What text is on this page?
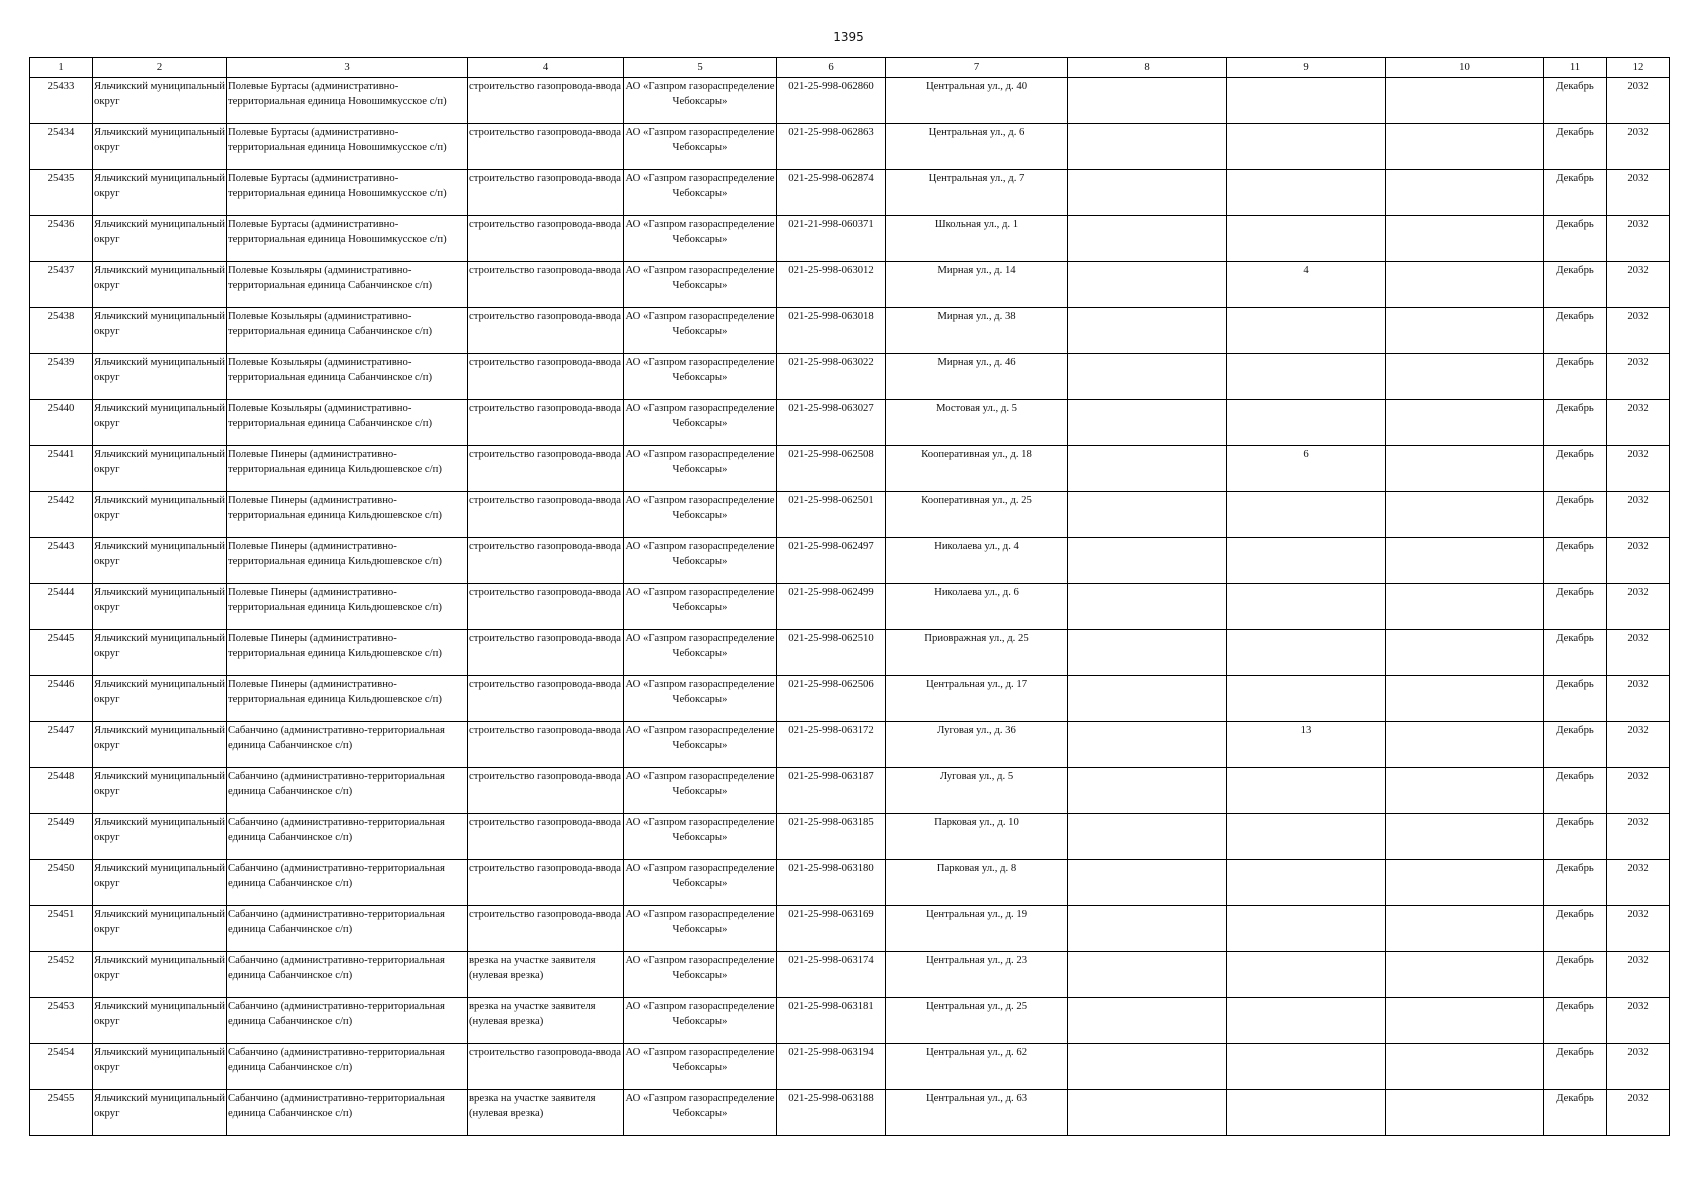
1395
1	2	3	4	5	6	7	8	9	10	11	12

25433	Яльчикский муниципальный округ	Полевые Буртасы (административно-территориальная единица Новошимкусское с/п)	строительство газопровода-ввода	АО «Газпром газораспределение Чебоксары»	021-25-998-062860	Центральная ул., д. 40				Декабрь	2032

25434	Яльчикский муниципальный округ	Полевые Буртасы (административно-территориальная единица Новошимкусское с/п)	строительство газопровода-ввода	АО «Газпром газораспределение Чебоксары»	021-25-998-062863	Центральная ул., д. 6				Декабрь	2032

25435	Яльчикский муниципальный округ	Полевые Буртасы (административно-территориальная единица Новошимкусское с/п)	строительство газопровода-ввода	АО «Газпром газораспределение Чебоксары»	021-25-998-062874	Центральная ул., д. 7				Декабрь	2032

25436	Яльчикский муниципальный округ	Полевые Буртасы (административно-территориальная единица Новошимкусское с/п)	строительство газопровода-ввода	АО «Газпром газораспределение Чебоксары»	021-21-998-060371	Школьная ул., д. 1				Декабрь	2032

25437	Яльчикский муниципальный округ	Полевые Козыльяры (административно-территориальная единица Сабанчинское с/п)	строительство газопровода-ввода	АО «Газпром газораспределение Чебоксары»	021-25-998-063012	Мирная ул., д. 14		4		Декабрь	2032

25438	Яльчикский муниципальный округ	Полевые Козыльяры (административно-территориальная единица Сабанчинское с/п)	строительство газопровода-ввода	АО «Газпром газораспределение Чебоксары»	021-25-998-063018	Мирная ул., д. 38				Декабрь	2032

25439	Яльчикский муниципальный округ	Полевые Козыльяры (административно-территориальная единица Сабанчинское с/п)	строительство газопровода-ввода	АО «Газпром газораспределение Чебоксары»	021-25-998-063022	Мирная ул., д. 46				Декабрь	2032

25440	Яльчикский муниципальный округ	Полевые Козыльяры (административно-территориальная единица Сабанчинское с/п)	строительство газопровода-ввода	АО «Газпром газораспределение Чебоксары»	021-25-998-063027	Мостовая ул., д. 5				Декабрь	2032

25441	Яльчикский муниципальный округ	Полевые Пинеры (административно-территориальная единица Кильдюшевское с/п)	строительство газопровода-ввода	АО «Газпром газораспределение Чебоксары»	021-25-998-062508	Кооперативная ул., д. 18		6		Декабрь	2032

25442	Яльчикский муниципальный округ	Полевые Пинеры (административно-территориальная единица Кильдюшевское с/п)	строительство газопровода-ввода	АО «Газпром газораспределение Чебоксары»	021-25-998-062501	Кооперативная ул., д. 25				Декабрь	2032

25443	Яльчикский муниципальный округ	Полевые Пинеры (административно-территориальная единица Кильдюшевское с/п)	строительство газопровода-ввода	АО «Газпром газораспределение Чебоксары»	021-25-998-062497	Николаева ул., д. 4				Декабрь	2032

25444	Яльчикский муниципальный округ	Полевые Пинеры (административно-территориальная единица Кильдюшевское с/п)	строительство газопровода-ввода	АО «Газпром газораспределение Чебоксары»	021-25-998-062499	Николаева ул., д. 6				Декабрь	2032

25445	Яльчикский муниципальный округ	Полевые Пинеры (административно-территориальная единица Кильдюшевское с/п)	строительство газопровода-ввода	АО «Газпром газораспределение Чебоксары»	021-25-998-062510	Приовражная ул., д. 25				Декабрь	2032

25446	Яльчикский муниципальный округ	Полевые Пинеры (административно-территориальная единица Кильдюшевское с/п)	строительство газопровода-ввода	АО «Газпром газораспределение Чебоксары»	021-25-998-062506	Центральная ул., д. 17				Декабрь	2032

25447	Яльчикский муниципальный округ	Сабанчино (административно-территориальная единица Сабанчинское с/п)	строительство газопровода-ввода	АО «Газпром газораспределение Чебоксары»	021-25-998-063172	Луговая ул., д. 36		13		Декабрь	2032

25448	Яльчикский муниципальный округ	Сабанчино (административно-территориальная единица Сабанчинское с/п)	строительство газопровода-ввода	АО «Газпром газораспределение Чебоксары»	021-25-998-063187	Луговая ул., д. 5				Декабрь	2032

25449	Яльчикский муниципальный округ	Сабанчино (административно-территориальная единица Сабанчинское с/п)	строительство газопровода-ввода	АО «Газпром газораспределение Чебоксары»	021-25-998-063185	Парковая ул., д. 10				Декабрь	2032

25450	Яльчикский муниципальный округ	Сабанчино (административно-территориальная единица Сабанчинское с/п)	строительство газопровода-ввода	АО «Газпром газораспределение Чебоксары»	021-25-998-063180	Парковая ул., д. 8				Декабрь	2032

25451	Яльчикский муниципальный округ	Сабанчино (административно-территориальная единица Сабанчинское с/п)	строительство газопровода-ввода	АО «Газпром газораспределение Чебоксары»	021-25-998-063169	Центральная ул., д. 19				Декабрь	2032

25452	Яльчикский муниципальный округ	Сабанчино (административно-территориальная единица Сабанчинское с/п)	врезка на участке заявителя (нулевая врезка)	АО «Газпром газораспределение Чебоксары»	021-25-998-063174	Центральная ул., д. 23				Декабрь	2032

25453	Яльчикский муниципальный округ	Сабанчино (административно-территориальная единица Сабанчинское с/п)	врезка на участке заявителя (нулевая врезка)	АО «Газпром газораспределение Чебоксары»	021-25-998-063181	Центральная ул., д. 25				Декабрь	2032

25454	Яльчикский муниципальный округ	Сабанчино (административно-территориальная единица Сабанчинское с/п)	строительство газопровода-ввода	АО «Газпром газораспределение Чебоксары»	021-25-998-063194	Центральная ул., д. 62				Декабрь	2032

25455	Яльчикский муниципальный округ	Сабанчино (административно-территориальная единица Сабанчинское с/п)	врезка на участке заявителя (нулевая врезка)	АО «Газпром газораспределение Чебоксары»	021-25-998-063188	Центральная ул., д. 63				Декабрь	2032
